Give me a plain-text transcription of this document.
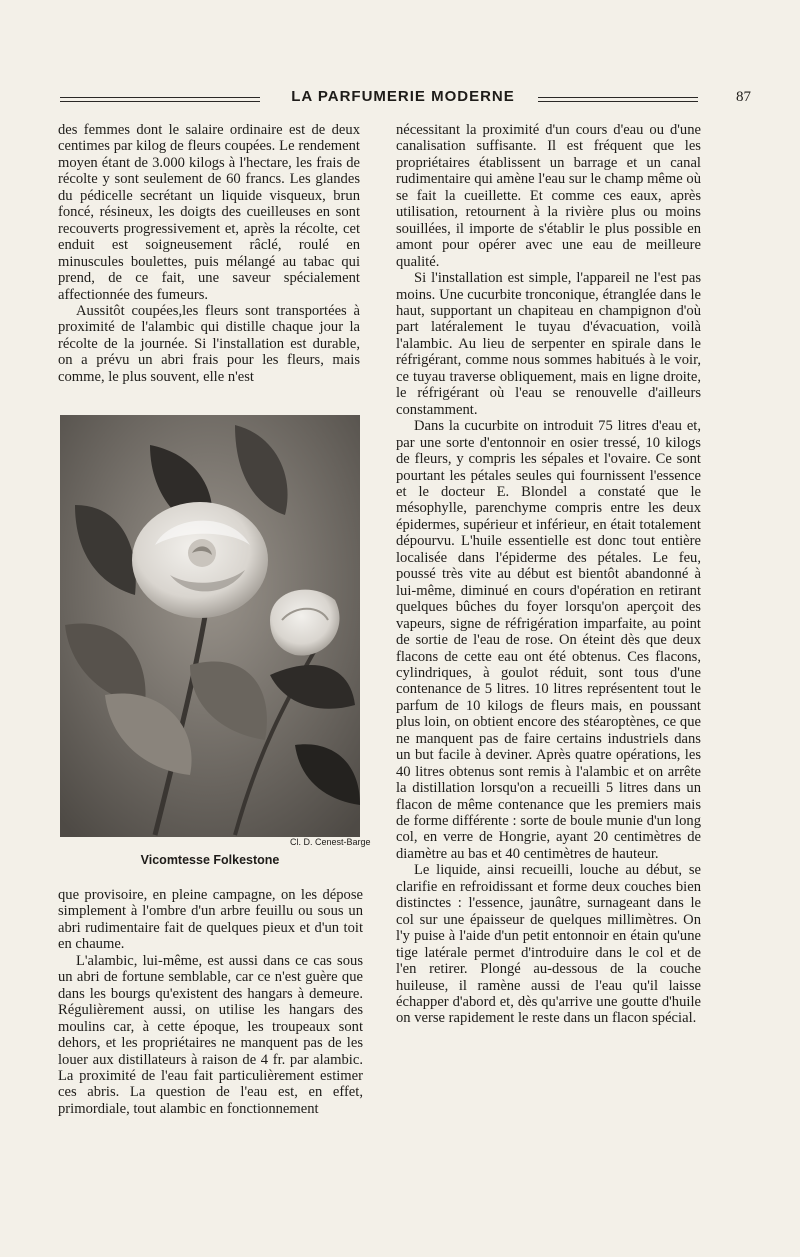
LA PARFUMERIE MODERNE	87

des femmes dont le salaire ordinaire est de deux centimes par kilog de fleurs coupées. Le rendement moyen étant de 3.000 kilogs à l'hectare, les frais de récolte y sont seulement de 60 francs. Les glandes du pédicelle secrétant un liquide visqueux, brun foncé, résineux, les doigts des cueilleuses en sont recouverts progressivement et, après la récolte, cet enduit est soigneusement râclé, roulé en minuscules boulettes, puis mélangé au tabac qui prend, de ce fait, une saveur spécialement affectionnée des fumeurs.

Aussitôt coupées,les fleurs sont transportées à proximité de l'alambic qui distille chaque jour la récolte de la journée. Si l'installation est durable, on a prévu un abri frais pour les fleurs, mais comme, le plus souvent, elle n'est

Cl. D. Cenest-Barge
Vicomtesse Folkestone

que provisoire, en pleine campagne, on les dépose simplement à l'ombre d'un arbre feuillu ou sous un abri rudimentaire fait de quelques pieux et d'un toit en chaume.

L'alambic, lui-même, est aussi dans ce cas sous un abri de fortune semblable, car ce n'est guère que dans les bourgs qu'existent des hangars à demeure. Régulièrement aussi, on utilise les hangars des moulins car, à cette époque, les troupeaux sont dehors, et les propriétaires ne manquent pas de les louer aux distillateurs à raison de 4 fr. par alambic. La proximité de l'eau fait particulièrement estimer ces abris. La question de l'eau est, en effet, primordiale, tout alambic en fonctionnement

nécessitant la proximité d'un cours d'eau ou d'une canalisation suffisante. Il est fréquent que les propriétaires établissent un barrage et un canal rudimentaire qui amène l'eau sur le champ même où se fait la cueillette. Et comme ces eaux, après utilisation, retournent à la rivière plus ou moins souillées, il importe de s'établir le plus possible en amont pour opérer avec une eau de meilleure qualité.

Si l'installation est simple, l'appareil ne l'est pas moins. Une cucurbite tronconique, étranglée dans le haut, supportant un chapiteau en champignon d'où part latéralement le tuyau d'évacuation, voilà l'alambic. Au lieu de serpenter en spirale dans le réfrigérant, comme nous sommes habitués à le voir, ce tuyau traverse obliquement, mais en ligne droite, le réfrigérant où l'eau se renouvelle d'ailleurs constamment.

Dans la cucurbite on introduit 75 litres d'eau et, par une sorte d'entonnoir en osier tressé, 10 kilogs de fleurs, y compris les sépales et l'ovaire. Ce sont pourtant les pétales seules qui fournissent l'essence et le docteur E. Blondel a constaté que le mésophylle, parenchyme compris entre les deux épidermes, supérieur et inférieur, en était totalement dépourvu. L'huile essentielle est donc tout entière localisée dans l'épiderme des pétales. Le feu, poussé très vite au début est bientôt abandonné à lui-même, diminué en cours d'opération en retirant quelques bûches du foyer lorsqu'on aperçoit des vapeurs, signe de réfrigération imparfaite, au point de sortie de l'eau de rose. On éteint dès que deux flacons de cette eau ont été obtenus. Ces flacons, cylindriques, à goulot réduit, sont tous d'une contenance de 5 litres. 10 litres représentent tout le parfum de 10 kilogs de fleurs mais, en poussant plus loin, on obtient encore des stéaroptènes, ce que ne manquent pas de faire certains industriels dans un but facile à deviner. Après quatre opérations, les 40 litres obtenus sont remis à l'alambic et on arrête la distillation lorsqu'on a recueilli 5 litres dans un flacon de même contenance que les premiers mais de forme différente : sorte de boule munie d'un long col, en verre de Hongrie, ayant 20 centimètres de diamètre au bas et 40 centimètres de hauteur.

Le liquide, ainsi recueilli, louche au début, se clarifie en refroidissant et forme deux couches bien distinctes : l'essence, jaunâtre, surnageant dans le col sur une épaisseur de quelques millimètres. On l'y puise à l'aide d'un petit entonnoir en étain qu'une tige latérale permet d'introduire dans le col et de l'en retirer. Plongé au-dessous de la couche huileuse, il ramène aussi de l'eau qu'il laisse échapper d'abord et, dès qu'arrive une goutte d'huile on verse rapidement le reste dans un flacon spécial.
